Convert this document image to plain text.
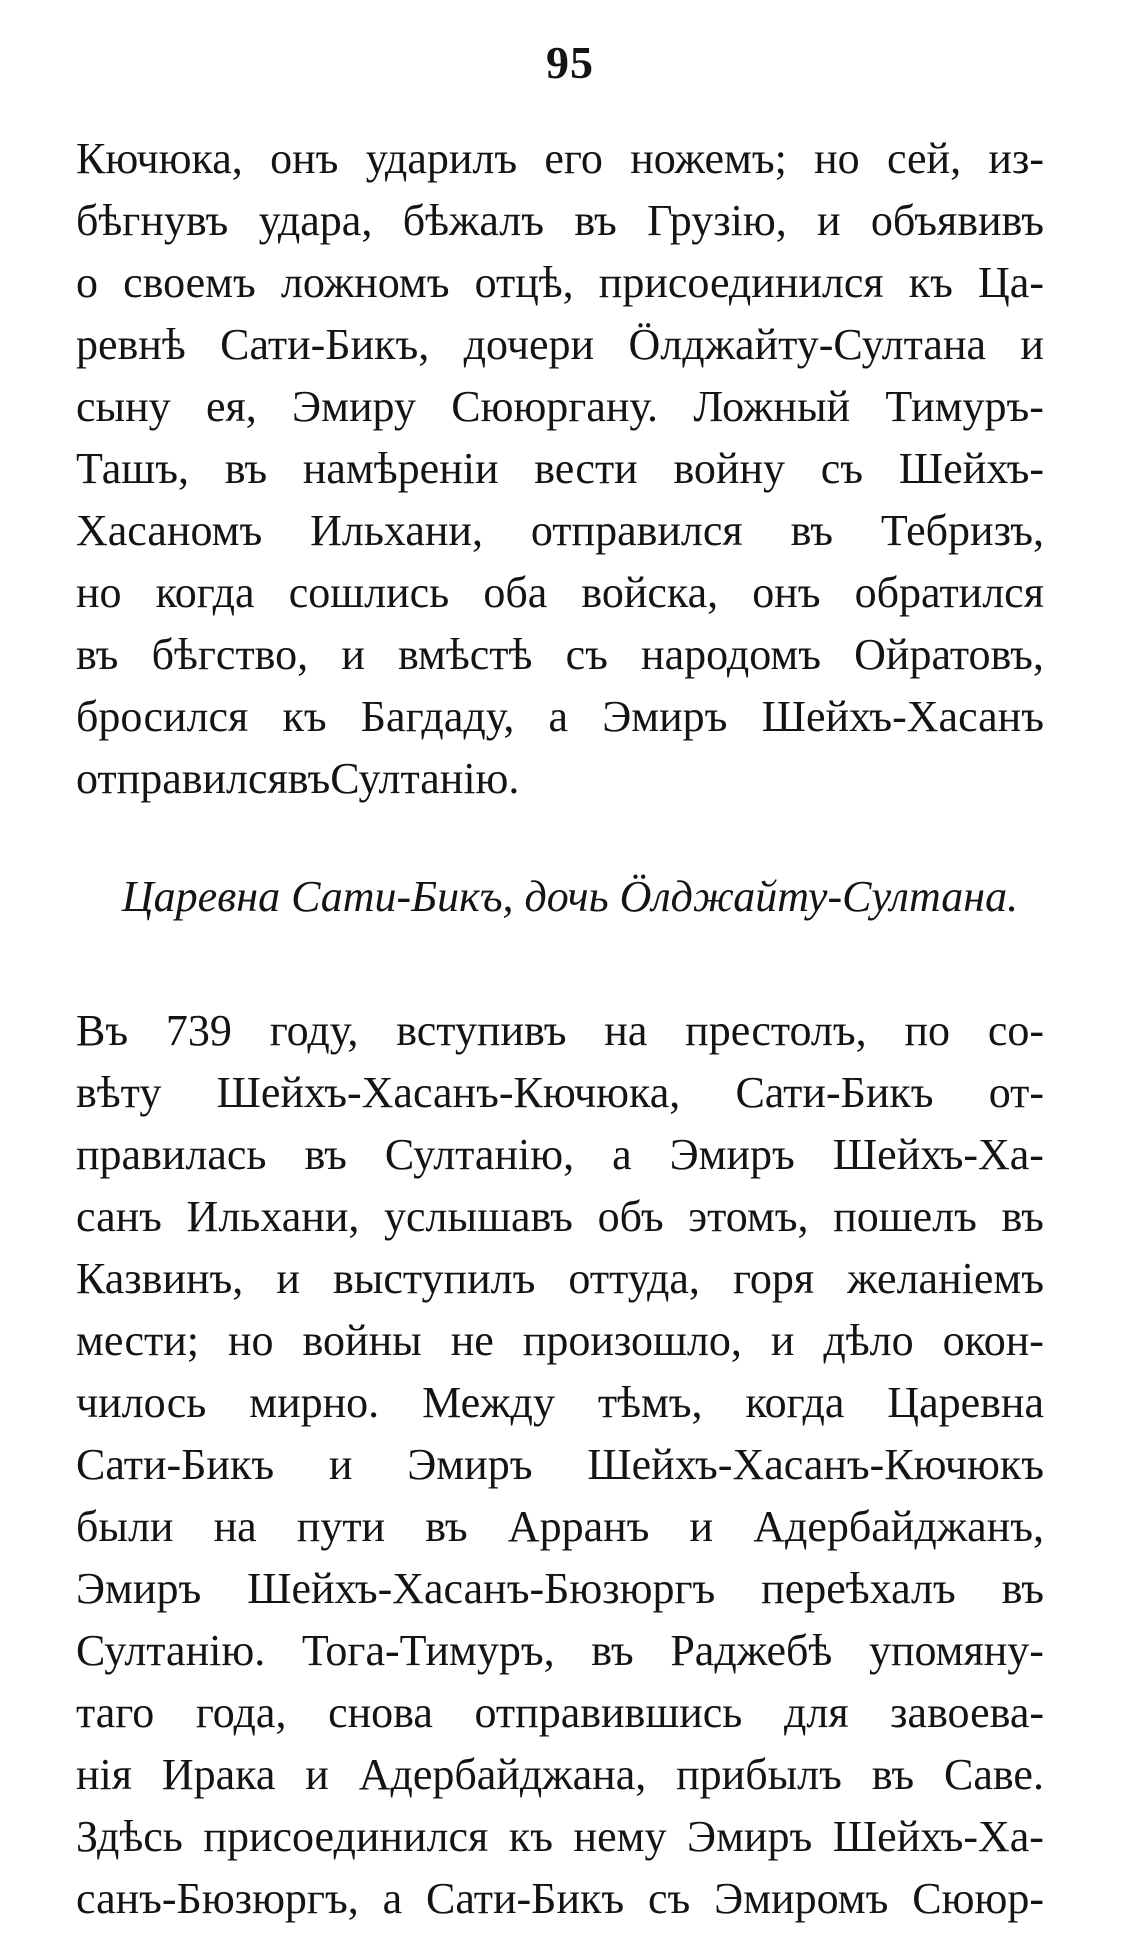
95
Кючюка, онъ ударилъ его ножемъ; но сей, из-
бѣгнувъ удара, бѣжалъ въ Грузію, и объявивъ
о своемъ ложномъ отцѣ, присоединился къ Ца-
ревнѣ Сати-Бикъ, дочери Öлджайту-Султана и
сыну ея, Эмиру Сююргану. Ложный Тимуръ-
Ташъ, въ намѣреніи вести войну съ Шейхъ-
Хасаномъ Ильхани, отправился въ Тебризъ,
но когда сошлись оба войска, онъ обратился
въ бѣгство, и вмѣстѣ съ народомъ Ойратовъ,
бросился къ Багдаду, а Эмиръ Шейхъ-Хасанъ
отправился въ Султанію.
Царевна Сати-Бикъ, дочь Öлджайту-Султана.
Въ 739 году, вступивъ на престолъ, по со-
вѣту Шейхъ-Хасанъ-Кючюка, Сати-Бикъ от-
правилась въ Султанію, а Эмиръ Шейхъ-Ха-
санъ Ильхани, услышавъ объ этомъ, пошелъ въ
Казвинъ, и выступилъ оттуда, горя желаніемъ
мести; но войны не произошло, и дѣло окон-
чилось мирно. Между тѣмъ, когда Царевна
Сати-Бикъ и Эмиръ Шейхъ-Хасанъ-Кючюкъ
были на пути въ Арранъ и Адербайджанъ,
Эмиръ Шейхъ-Хасанъ-Бюзюргъ переѣхалъ въ
Султанію. Тога-Тимуръ, въ Раджебѣ упомяну-
таго года, снова отправившись для завоева-
нія Ирака и Адербайджана, прибылъ въ Саве.
Здѣсь присоединился къ нему Эмиръ Шейхъ-Ха-
санъ-Бюзюргъ, а Сати-Бикъ съ Эмиромъ Сююр-
